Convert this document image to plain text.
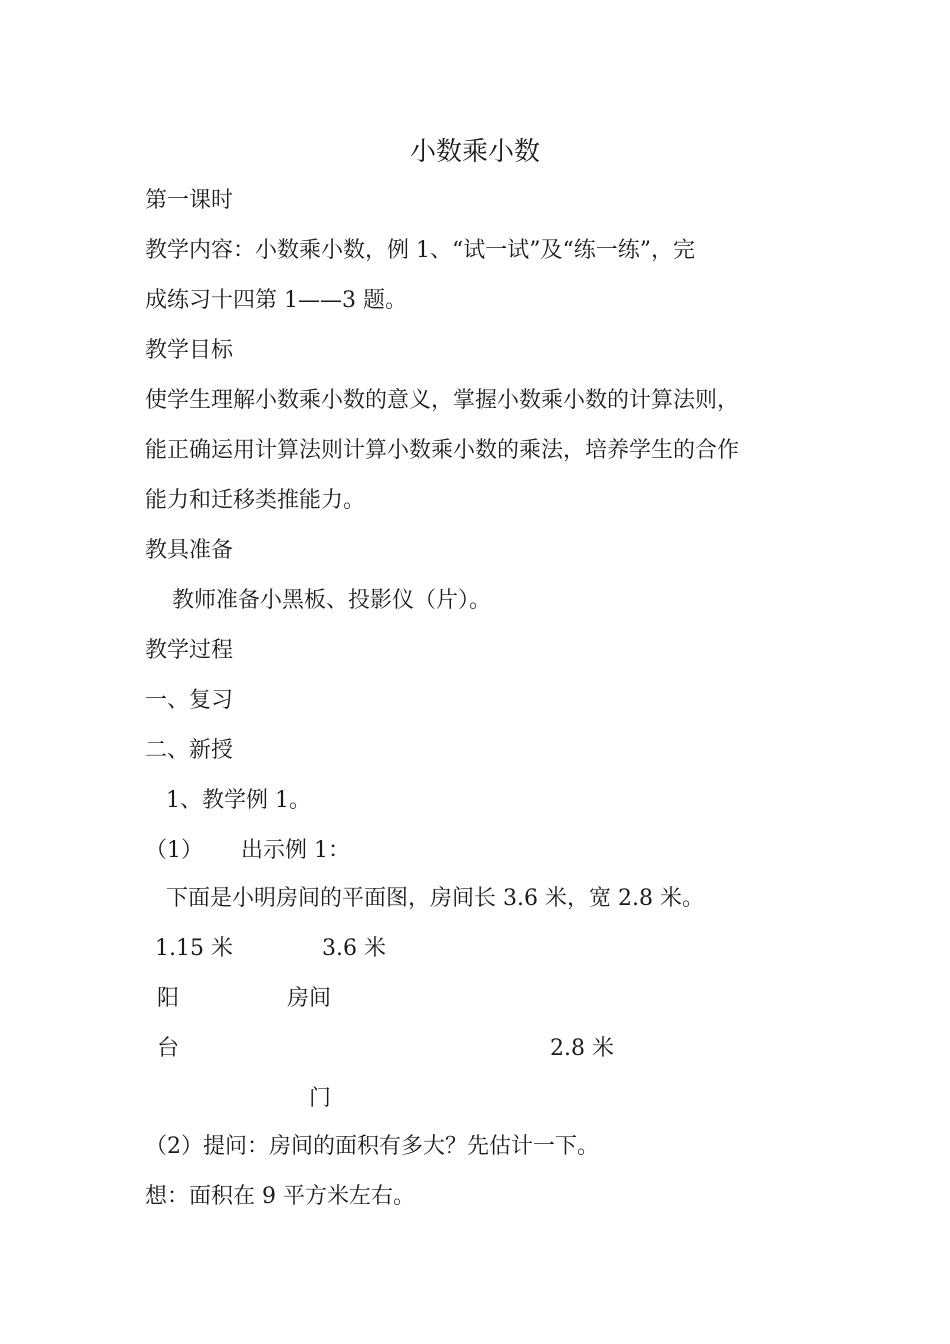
小数乘小数
第一课时
教学内容：小数乘小数，例 1、“试一试”及“练一练”，完
成练习十四第 1——3 题。
教学目标
使学生理解小数乘小数的意义，掌握小数乘小数的计算法则，
能正确运用计算法则计算小数乘小数的乘法，培养学生的合作
能力和迁移类推能力。
教具准备
教师准备小黑板、投影仪（片）。
教学过程
一、复习
二、新授
1、教学例 1。
（1） 出示例 1：
下面是小明房间的平面图，房间长 3.6 米，宽 2.8 米。
1.15 米	3.6 米
阳	房间
台	2.8 米
门
（2）提问：房间的面积有多大？先估计一下。
想：面积在 9 平方米左右。
